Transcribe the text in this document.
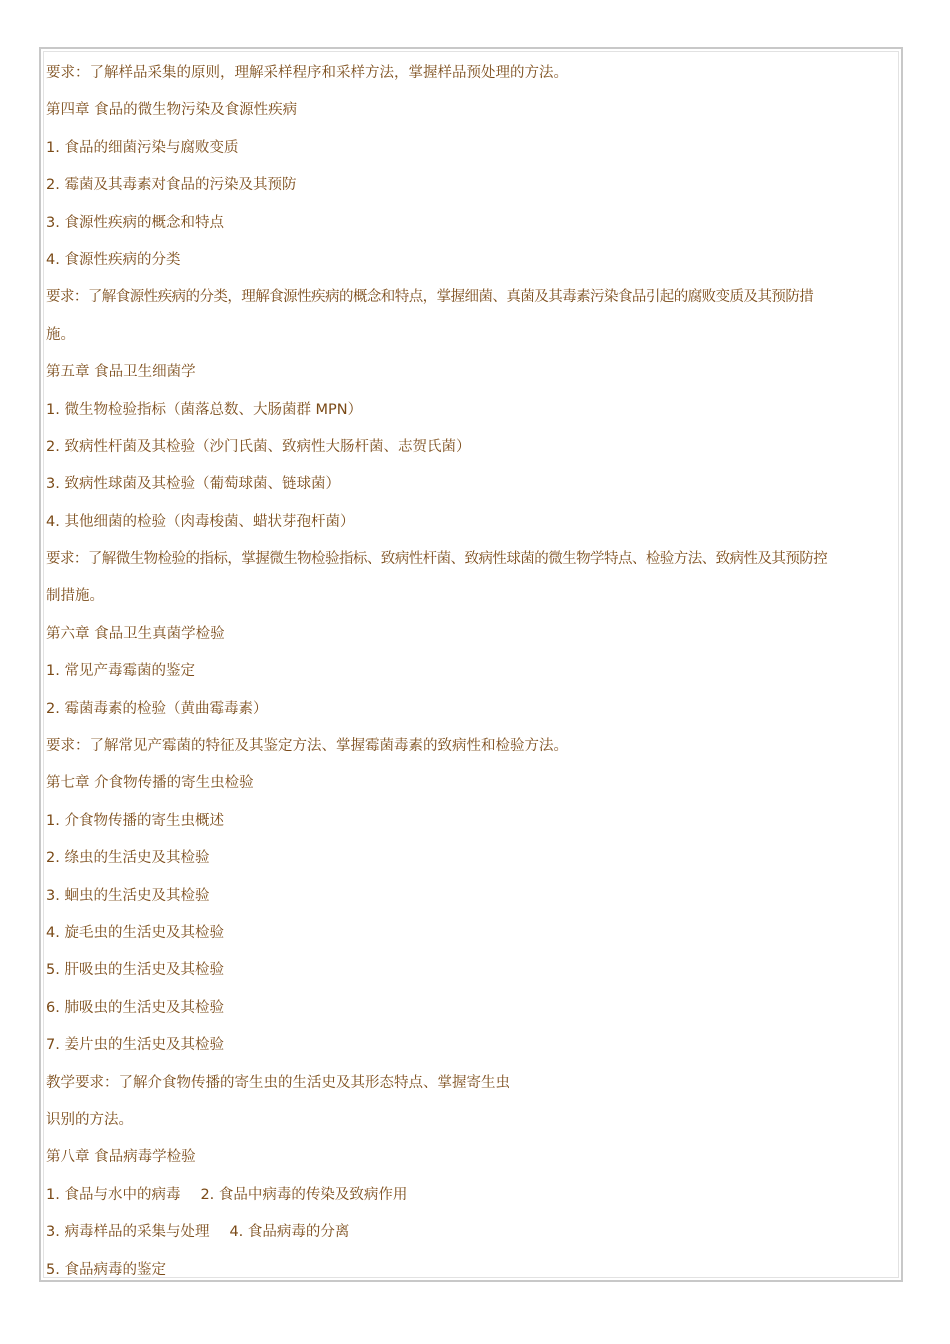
要求：了解样品采集的原则，理解采样程序和采样方法，掌握样品预处理的方法。
第四章 食品的微生物污染及食源性疾病
1. 食品的细菌污染与腐败变质
2. 霉菌及其毒素对食品的污染及其预防
3. 食源性疾病的概念和特点
4. 食源性疾病的分类
要求：了解食源性疾病的分类，理解食源性疾病的概念和特点，掌握细菌、真菌及其毒素污染食品引起的腐败变质及其预防措
施。
第五章 食品卫生细菌学
1. 微生物检验指标（菌落总数、大肠菌群 MPN）
2. 致病性杆菌及其检验（沙门氏菌、致病性大肠杆菌、志贺氏菌）
3. 致病性球菌及其检验（葡萄球菌、链球菌）
4. 其他细菌的检验（肉毒梭菌、蜡状芽孢杆菌）
要求：了解微生物检验的指标，掌握微生物检验指标、致病性杆菌、致病性球菌的微生物学特点、检验方法、致病性及其预防控
制措施。
第六章 食品卫生真菌学检验
1. 常见产毒霉菌的鉴定
2. 霉菌毒素的检验（黄曲霉毒素）
要求：了解常见产霉菌的特征及其鉴定方法、掌握霉菌毒素的致病性和检验方法。
第七章 介食物传播的寄生虫检验
1. 介食物传播的寄生虫概述
2. 绦虫的生活史及其检验
3. 蛔虫的生活史及其检验
4. 旋毛虫的生活史及其检验
5. 肝吸虫的生活史及其检验
6. 肺吸虫的生活史及其检验
7. 姜片虫的生活史及其检验
教学要求：了解介食物传播的寄生虫的生活史及其形态特点、掌握寄生虫
识别的方法。
第八章 食品病毒学检验
1. 食品与水中的病毒 2. 食品中病毒的传染及致病作用
3. 病毒样品的采集与处理 4. 食品病毒的分离
5. 食品病毒的鉴定
